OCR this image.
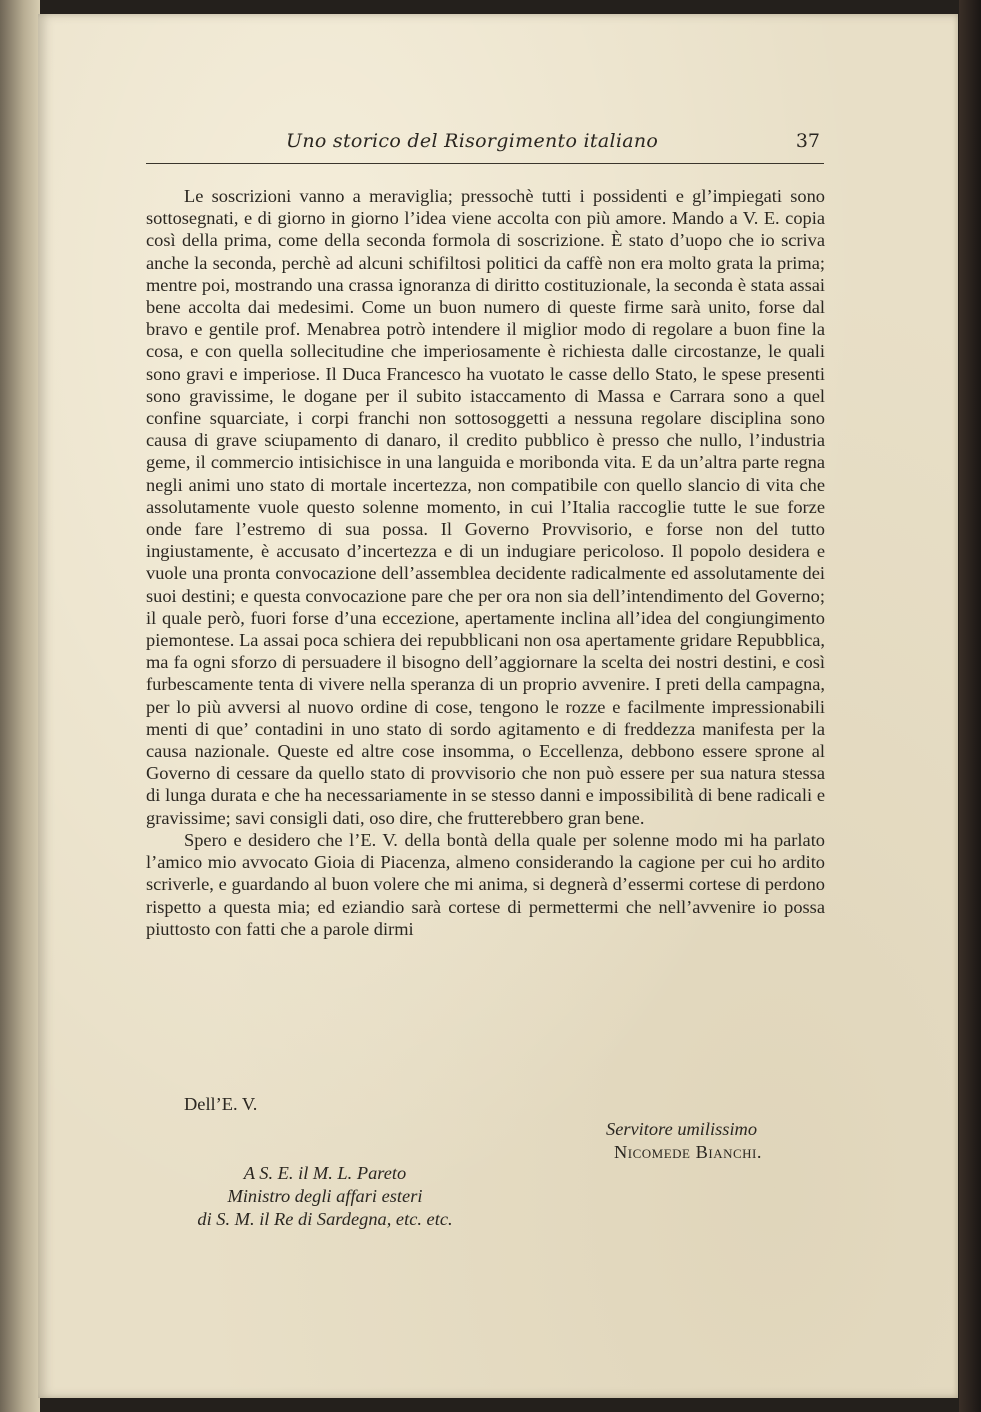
Uno storico del Risorgimento italiano	37

Le soscrizioni vanno a meraviglia; pressochè tutti i possidenti e gl’impiegati sono sottosegnati, e di giorno in giorno l’idea viene accolta con più amore. Mando a V. E. copia così della prima, come della seconda formola di soscrizione. È stato d’uopo che io scriva anche la seconda, perchè ad alcuni schifiltosi politici da caffè non era molto grata la prima; mentre poi, mostrando una crassa ignoranza di diritto costituzionale, la seconda è stata assai bene accolta dai medesimi. Come un buon numero di queste firme sarà unito, forse dal bravo e gentile prof. Menabrea potrò intendere il miglior modo di regolare a buon fine la cosa, e con quella sollecitudine che imperiosamente è richiesta dalle circostanze, le quali sono gravi e imperiose. Il Duca Francesco ha vuotato le casse dello Stato, le spese presenti sono gravissime, le dogane per il subito istaccamento di Massa e Carrara sono a quel confine squarciate, i corpi franchi non sottosoggetti a nessuna regolare disciplina sono causa di grave sciupamento di danaro, il credito pubblico è presso che nullo, l’industria geme, il commercio intisichisce in una languida e moribonda vita. E da un’altra parte regna negli animi uno stato di mortale incertezza, non compatibile con quello slancio di vita che assolutamente vuole questo solenne momento, in cui l’Italia raccoglie tutte le sue forze onde fare l’estremo di sua possa. Il Governo Provvisorio, e forse non del tutto ingiustamente, è accusato d’incertezza e di un indugiare pericoloso. Il popolo desidera e vuole una pronta convocazione dell’assemblea decidente radicalmente ed assolutamente dei suoi destini; e questa convocazione pare che per ora non sia dell’intendimento del Governo; il quale però, fuori forse d’una eccezione, apertamente inclina all’idea del congiungimento piemontese. La assai poca schiera dei repubblicani non osa apertamente gridare Repubblica, ma fa ogni sforzo di persuadere il bisogno dell’aggiornare la scelta dei nostri destini, e così furbescamente tenta di vivere nella speranza di un proprio avvenire. I preti della campagna, per lo più avversi al nuovo ordine di cose, tengono le rozze e facilmente impressionabili menti di que’ contadini in uno stato di sordo agitamento e di freddezza manifesta per la causa nazionale. Queste ed altre cose insomma, o Eccellenza, debbono essere sprone al Governo di cessare da quello stato di provvisorio che non può essere per sua natura stessa di lunga durata e che ha necessariamente in se stesso danni e impossibilità di bene radicali e gravissime; savi consigli dati, oso dire, che frutterebbero gran bene.

Spero e desidero che l’E. V. della bontà della quale per solenne modo mi ha parlato l’amico mio avvocato Gioia di Piacenza, almeno considerando la cagione per cui ho ardito scriverle, e guardando al buon volere che mi anima, si degnerà d’essermi cortese di perdono rispetto a questa mia; ed eziandio sarà cortese di permettermi che nell’avvenire io possa piuttosto con fatti che a parole dirmi

Dell’E. V.
Servitore umilissimo
Nicomede Bianchi.
A S. E. il M. L. Pareto
Ministro degli affari esteri
di S. M. il Re di Sardegna, etc. etc.
